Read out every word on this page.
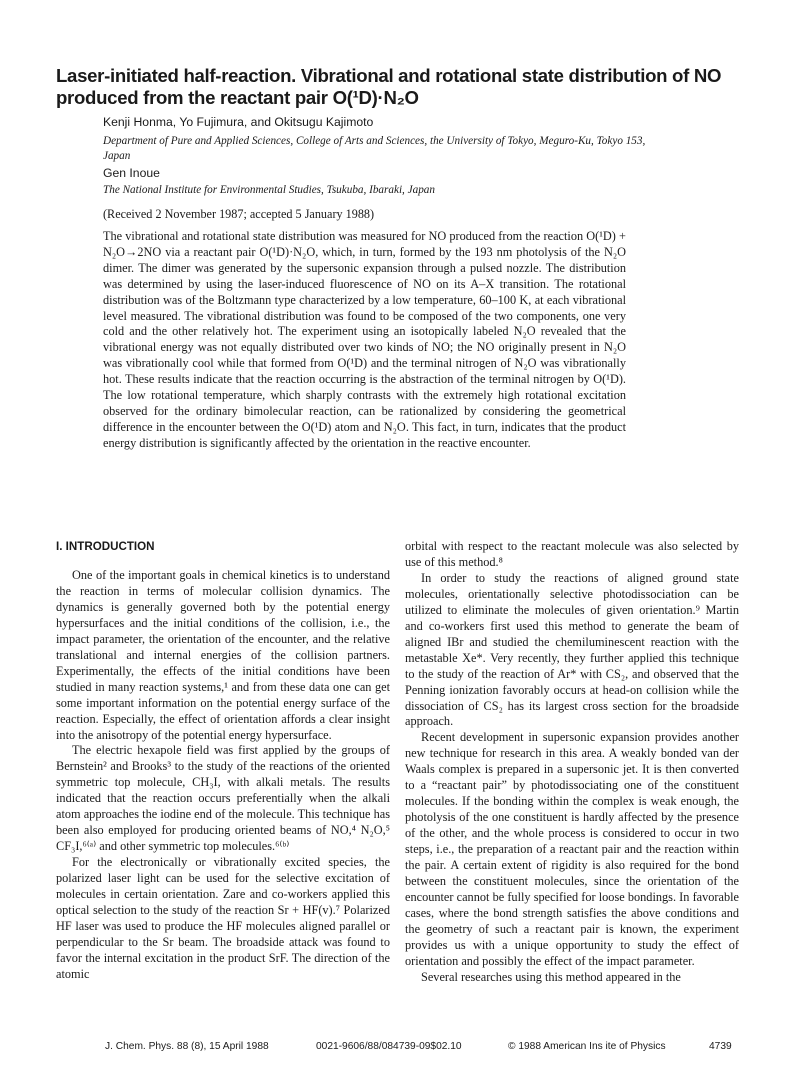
Laser-initiated half-reaction. Vibrational and rotational state distribution of NO produced from the reactant pair O(¹D)·N₂O
Kenji Honma, Yo Fujimura, and Okitsugu Kajimoto
Department of Pure and Applied Sciences, College of Arts and Sciences, the University of Tokyo, Meguro-Ku, Tokyo 153, Japan
Gen Inoue
The National Institute for Environmental Studies, Tsukuba, Ibaraki, Japan
(Received 2 November 1987; accepted 5 January 1988)

The vibrational and rotational state distribution was measured for NO produced from the reaction O(¹D) + N₂O→2NO via a reactant pair O(¹D)·N₂O, which, in turn, formed by the 193 nm photolysis of the N₂O dimer. The dimer was generated by the supersonic expansion through a pulsed nozzle. The distribution was determined by using the laser-induced fluorescence of NO on its A–X transition. The rotational distribution was of the Boltzmann type characterized by a low temperature, 60–100 K, at each vibrational level measured. The vibrational distribution was found to be composed of the two components, one very cold and the other relatively hot. The experiment using an isotopically labeled N₂O revealed that the vibrational energy was not equally distributed over two kinds of NO; the NO originally present in N₂O was vibrationally cool while that formed from O(¹D) and the terminal nitrogen of N₂O was vibrationally hot. These results indicate that the reaction occurring is the abstraction of the terminal nitrogen by O(¹D). The low rotational temperature, which sharply contrasts with the extremely high rotational excitation observed for the ordinary bimolecular reaction, can be rationalized by considering the geometrical difference in the encounter between the O(¹D) atom and N₂O. This fact, in turn, indicates that the product energy distribution is significantly affected by the orientation in the reactive encounter.

I. INTRODUCTION

One of the important goals in chemical kinetics is to understand the reaction in terms of molecular collision dynamics. The dynamics is generally governed both by the potential energy hypersurfaces and the initial conditions of the collision, i.e., the impact parameter, the orientation of the encounter, and the relative translational and internal energies of the collision partners. Experimentally, the effects of the initial conditions have been studied in many reaction systems,¹ and from these data one can get some important information on the potential energy surface of the reaction. Especially, the effect of orientation affords a clear insight into the anisotropy of the potential energy hypersurface.

The electric hexapole field was first applied by the groups of Bernstein² and Brooks³ to the study of the reactions of the oriented symmetric top molecule, CH₃I, with alkali metals. The results indicated that the reaction occurs preferentially when the alkali atom approaches the iodine end of the molecule. This technique has been also employed for producing oriented beams of NO,⁴ N₂O,⁵ CF₃I,⁶⁽ᵃ⁾ and other symmetric top molecules.⁶⁽ᵇ⁾

For the electronically or vibrationally excited species, the polarized laser light can be used for the selective excitation of molecules in certain orientation. Zare and co-workers applied this optical selection to the study of the reaction Sr + HF(v).⁷ Polarized HF laser was used to produce the HF molecules aligned parallel or perpendicular to the Sr beam. The broadside attack was found to favor the internal excitation in the product SrF. The direction of the atomic

orbital with respect to the reactant molecule was also selected by use of this method.⁸

In order to study the reactions of aligned ground state molecules, orientationally selective photodissociation can be utilized to eliminate the molecules of given orientation.⁹ Martin and co-workers first used this method to generate the beam of aligned IBr and studied the chemiluminescent reaction with the metastable Xe*. Very recently, they further applied this technique to the study of the reaction of Ar* with CS₂, and observed that the Penning ionization favorably occurs at head-on collision while the dissociation of CS₂ has its largest cross section for the broadside approach.

Recent development in supersonic expansion provides another new technique for research in this area. A weakly bonded van der Waals complex is prepared in a supersonic jet. It is then converted to a “reactant pair” by photodissociating one of the constituent molecules. If the bonding within the complex is weak enough, the photolysis of the one constituent is hardly affected by the presence of the other, and the whole process is considered to occur in two steps, i.e., the preparation of a reactant pair and the reaction within the pair. A certain extent of rigidity is also required for the bond between the constituent molecules, since the orientation of the encounter cannot be fully specified for loose bondings. In favorable cases, where the bond strength satisfies the above conditions and the geometry of such a reactant pair is known, the experiment provides us with a unique opportunity to study the effect of orientation and possibly the effect of the impact parameter.

Several researches using this method appeared in the

J. Chem. Phys. 88 (8), 15 April 1988	0021-9606/88/084739-09$02.10	© 1988 American Ins ite of Physics	4739
